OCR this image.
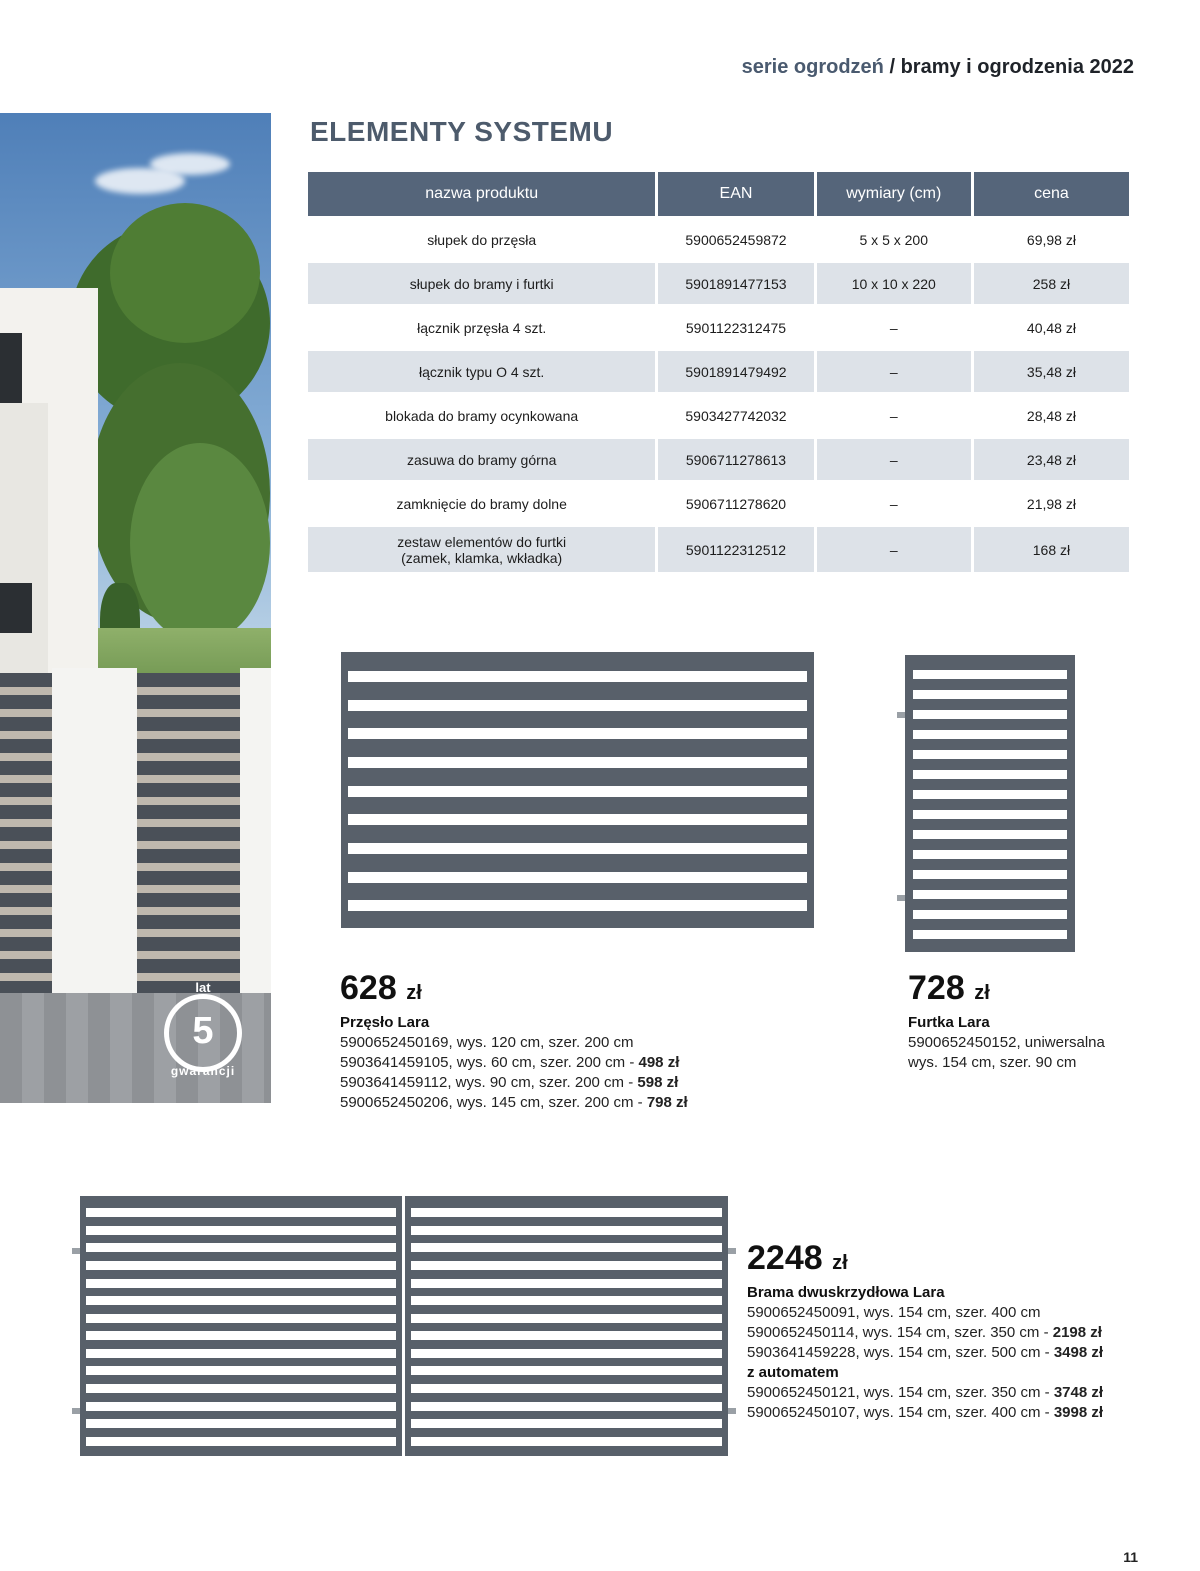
serie ogrodzeń / bramy i ogrodzenia 2022
lat
5
gwarancji
ELEMENTY SYSTEMU
nazwa produktu	EAN	wymiary (cm)	cena
słupek do przęsła	5900652459872	5 x 5 x 200	69,98 zł
słupek do bramy i furtki	5901891477153	10 x 10 x 220	258 zł
łącznik przęsła 4 szt.	5901122312475	–	40,48 zł
łącznik typu O 4 szt.	5901891479492	–	35,48 zł
blokada do bramy ocynkowana	5903427742032	–	28,48 zł
zasuwa do bramy górna	5906711278613	–	23,48 zł
zamknięcie do bramy dolne	5906711278620	–	21,98 zł
zestaw elementów do furtki
(zamek, klamka, wkładka)	5901122312512	–	168 zł
628 zł
Przęsło Lara
5900652450169, wys. 120 cm, szer. 200 cm
5903641459105, wys. 60 cm, szer. 200 cm - 498 zł
5903641459112, wys. 90 cm, szer. 200 cm - 598 zł
5900652450206, wys. 145 cm, szer. 200 cm - 798 zł
728 zł
Furtka Lara
5900652450152, uniwersalna
wys. 154 cm, szer. 90 cm
2248 zł
Brama dwuskrzydłowa Lara
5900652450091, wys. 154 cm, szer. 400 cm
5900652450114, wys. 154 cm, szer. 350 cm - 2198 zł
5903641459228, wys. 154 cm, szer. 500 cm - 3498 zł
z automatem
5900652450121, wys. 154 cm, szer. 350 cm - 3748 zł
5900652450107, wys. 154 cm, szer. 400 cm - 3998 zł
11
